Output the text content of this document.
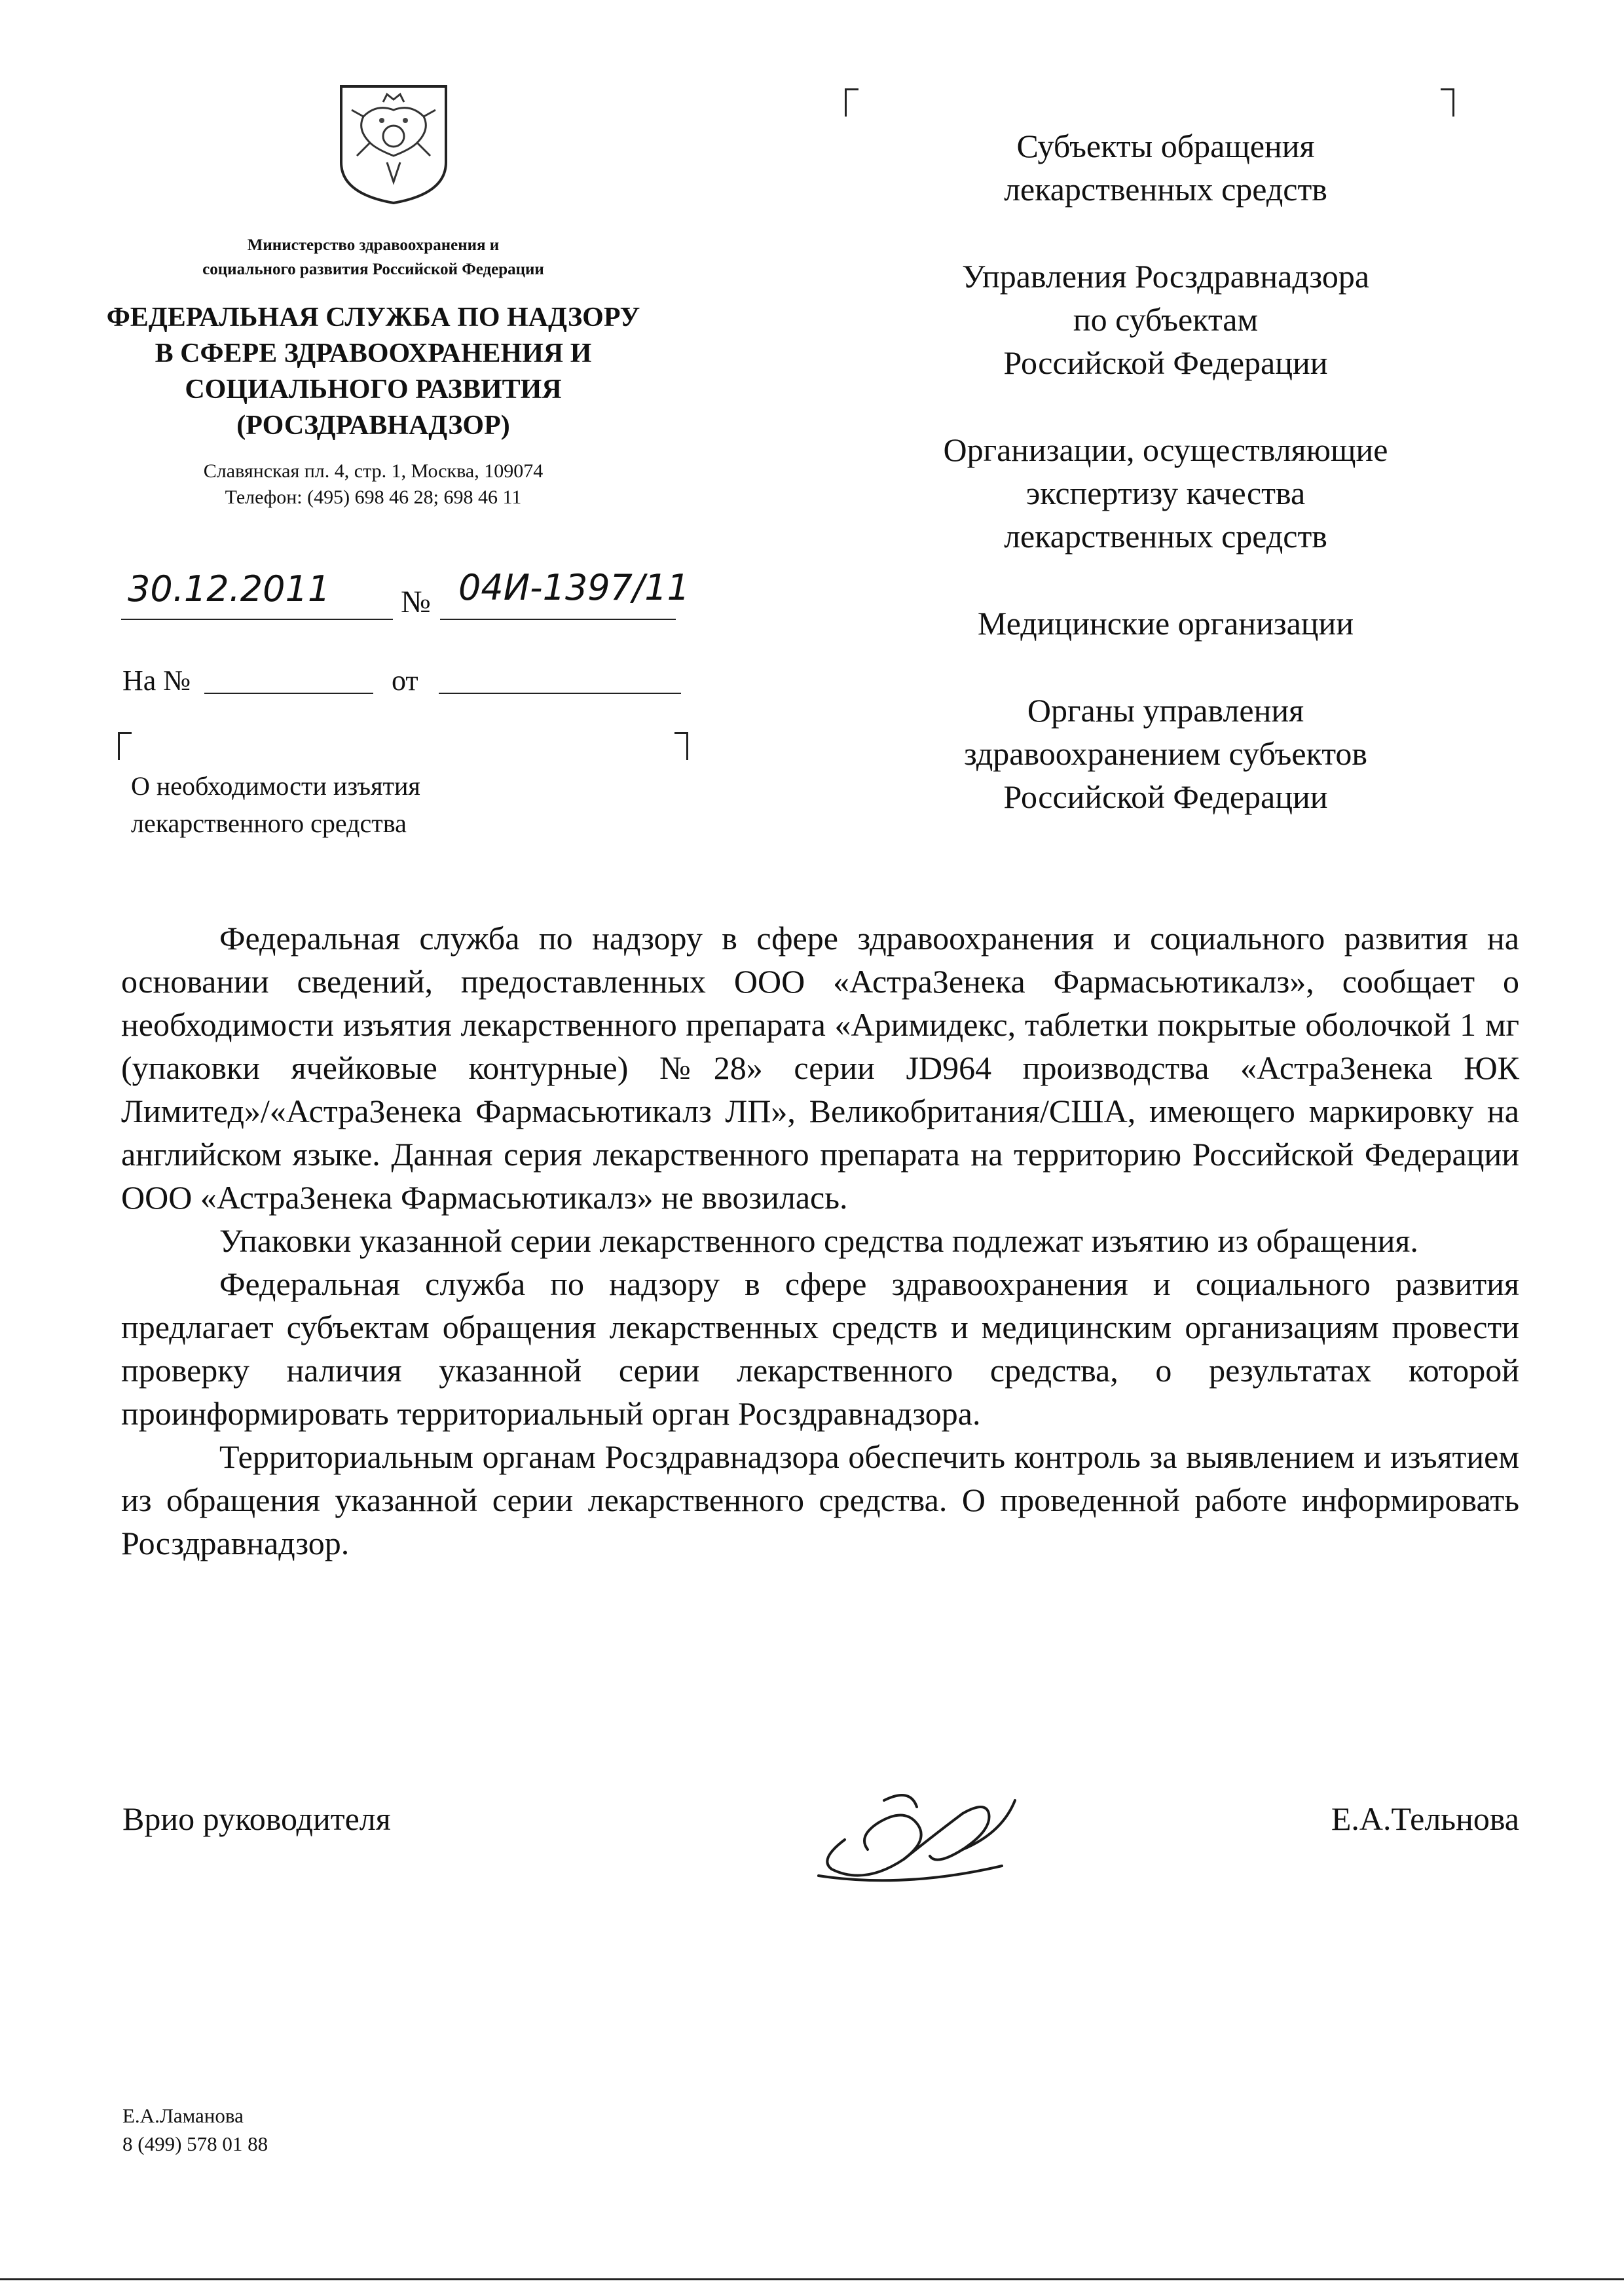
Министерство здравоохранения и
социального развития Российской Федерации
ФЕДЕРАЛЬНАЯ СЛУЖБА ПО НАДЗОРУ
В СФЕРЕ ЗДРАВООХРАНЕНИЯ И
СОЦИАЛЬНОГО РАЗВИТИЯ
(РОСЗДРАВНАДЗОР)
Славянская пл. 4, стр. 1, Москва, 109074
Телефон: (495) 698 46 28; 698 46 11
30.12.2011	№ 04И-1397/11
На №	от
О необходимости изъятия
лекарственного средства
Субъекты обращения
лекарственных средств
Управления Росздравнадзора
по субъектам
Российской Федерации
Организации, осуществляющие
экспертизу качества
лекарственных средств
Медицинские организации
Органы управления
здравоохранением субъектов
Российской Федерации

Федеральная служба по надзору в сфере здравоохранения и социального развития на основании сведений, предоставленных ООО «АстраЗенека Фармасьютикалз», сообщает о необходимости изъятия лекарственного препарата «Аримидекс, таблетки покрытые оболочкой 1 мг (упаковки ячейковые контурные) №28» серии JD964 производства «АстраЗенека ЮК Лимитед»/«АстраЗенека Фармасьютикалз ЛП», Великобритания/США, имеющего маркировку на английском языке. Данная серия лекарственного препарата на территорию Российской Федерации ООО «АстраЗенека Фармасьютикалз» не ввозилась.

Упаковки указанной серии лекарственного средства подлежат изъятию из обращения.

Федеральная служба по надзору в сфере здравоохранения и социального развития предлагает субъектам обращения лекарственных средств и медицинским организациям провести проверку наличия указанной серии лекарственного средства, о результатах которой проинформировать территориальный орган Росздравнадзора.

Территориальным органам Росздравнадзора обеспечить контроль за выявлением и изъятием из обращения указанной серии лекарственного средства. О проведенной работе информировать Росздравнадзор.

Врио руководителя	Е.А.Тельнова
Е.А.Ламанова
8 (499) 578 01 88
